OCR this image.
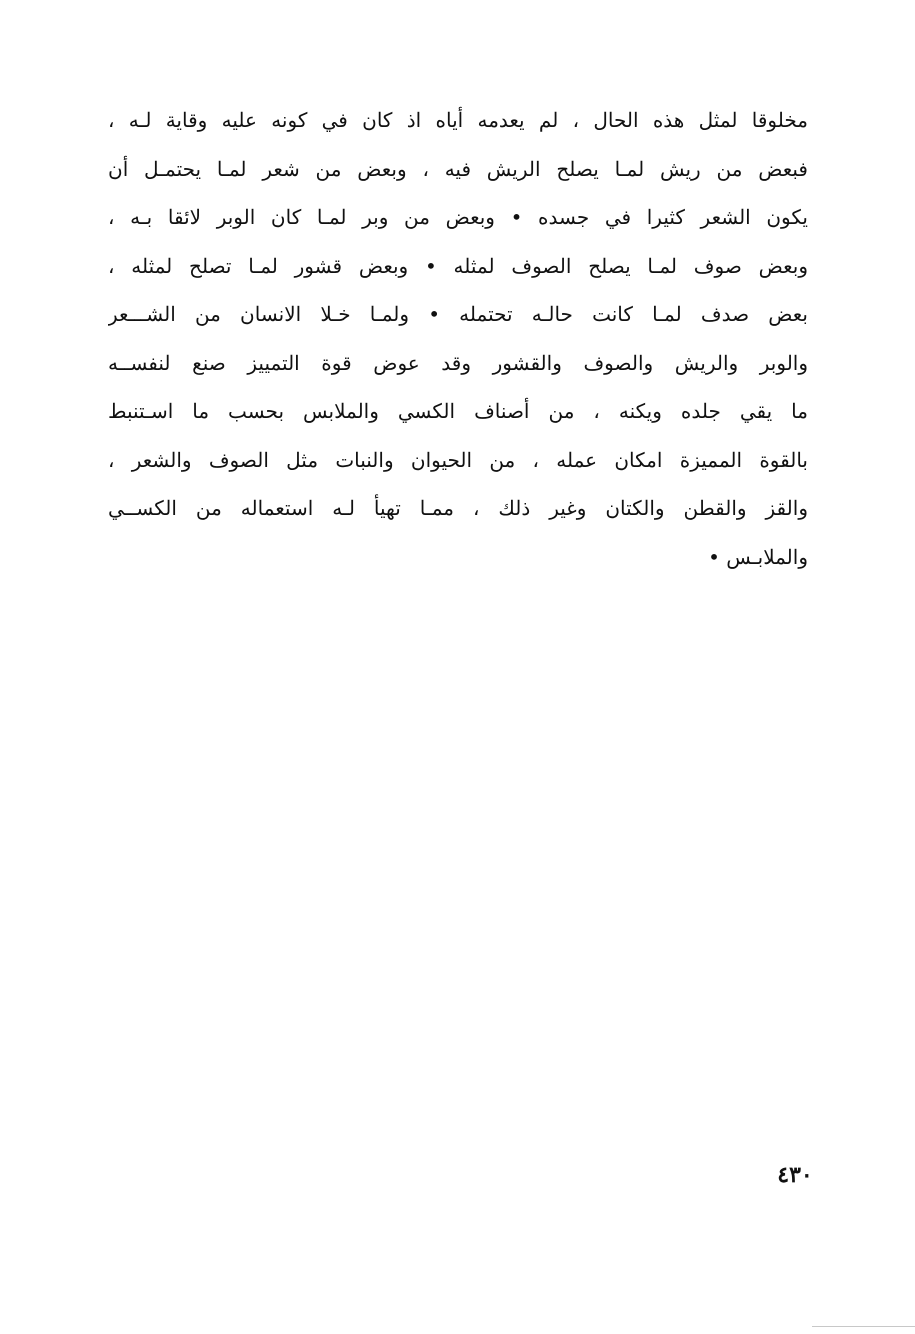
مخلوقا لمثل هذه الحال ، لم يعدمه أياه اذ كان في كونه عليه وقاية لـه ،
فبعض من ريش لمـا يصلح الريش فيه ، وبعض من شعر لمـا يحتمـل أن
يكون الشعر كثيرا في جسده • وبعض من وبر لمـا كان الوبر لائقا بـه ،
وبعض صوف لمـا يصلح الصوف لمثله • وبعض قشور لمـا تصلح لمثله ،
بعض صدف لمـا كانت حالـه تحتمله • ولمـا خـلا الانسان من الشـــعر
والوبر والريش والصوف والقشور وقد عوض قوة التمييز صنع لنفســه
ما يقي جلده ويكنه ، من أصناف الكسي والملابس بحسب ما اسـتنبط
بالقوة المميزة امكان عمله ، من الحيوان والنبات مثل الصوف والشعر ،
والقز والقطن والكتان وغير ذلك ، ممـا تهيأ لـه استعماله من الكســي
والملابـس •
٤٣٠
